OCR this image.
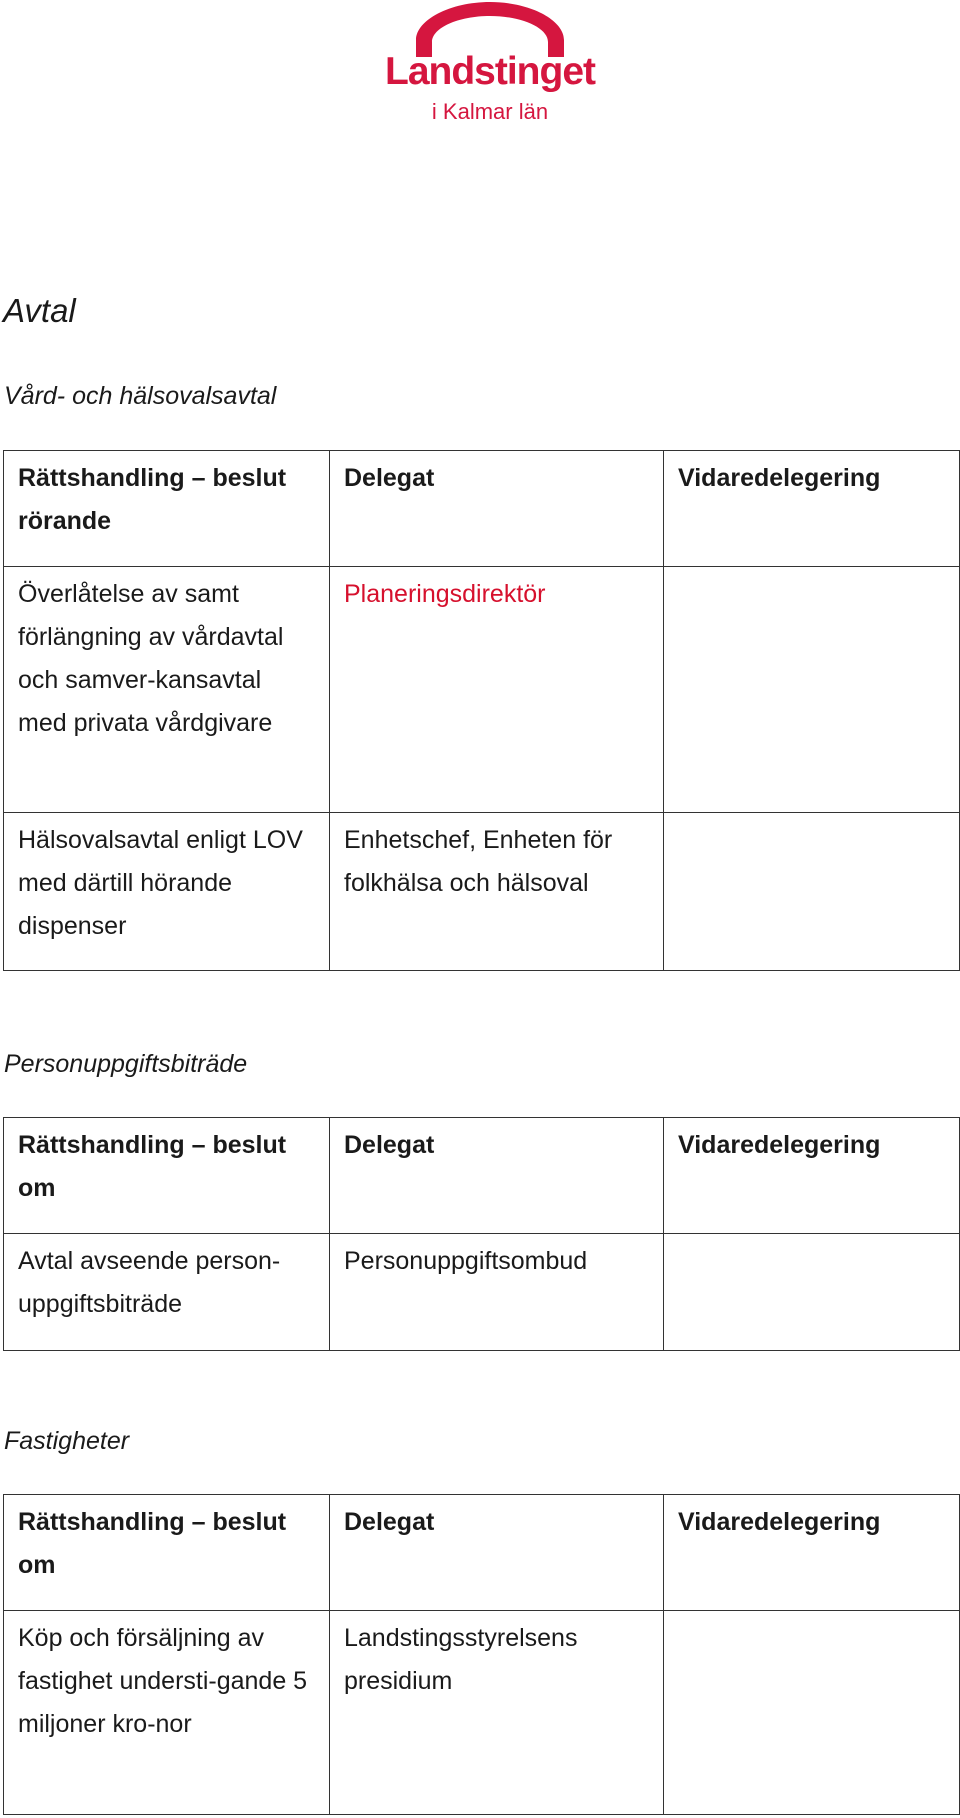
Landstinget
i Kalmar län
Avtal
Vård- och hälsovalsavtal
Rättshandling – beslut rörande	Delegat	Vidaredelegering
Överlåtelse av samt förlängning av vårdavtal och samver-kansavtal med privata vårdgivare	Planeringsdirektör	
Hälsovalsavtal enligt LOV med därtill hörande dispenser	Enhetschef, Enheten för folkhälsa och hälsoval	
Personuppgiftsbiträde
Rättshandling – beslut om	Delegat	Vidaredelegering
Avtal avseende person-uppgiftsbiträde	Personuppgiftsombud	
Fastigheter
Rättshandling – beslut om	Delegat	Vidaredelegering
Köp och försäljning av fastighet understi-gande 5 miljoner kro-nor	Landstingsstyrelsens presidium	
